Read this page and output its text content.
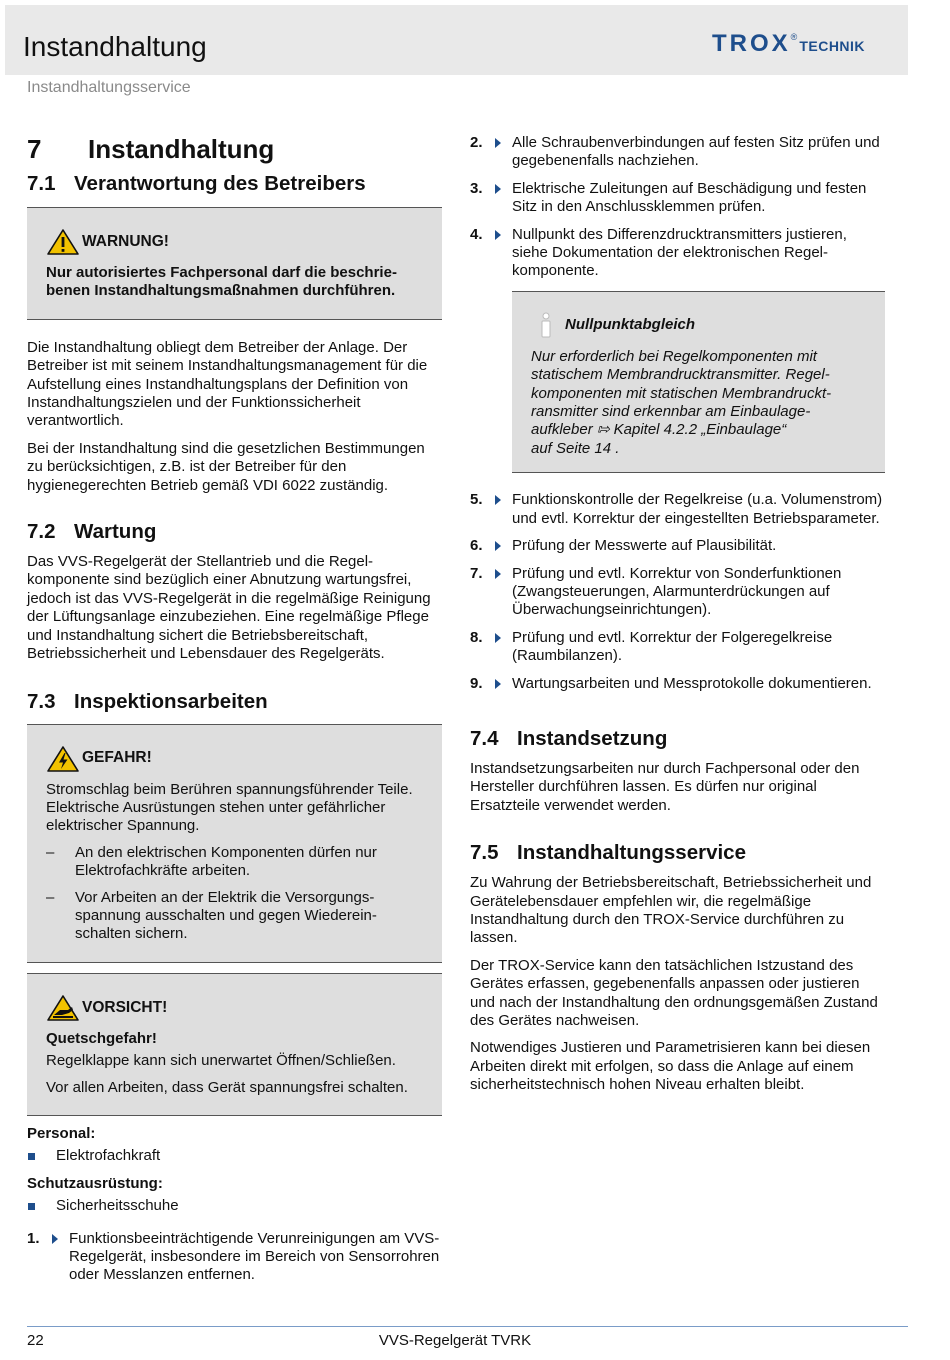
Instandhaltung
Instandhaltungsservice
TROX®TECHNIK
7 Instandhaltung
7.1 Verantwortung des Betreibers
WARNUNG!

Nur autorisiertes Fachpersonal darf die beschriebenen Instandhaltungsmaßnahmen durchführen.

Die Instandhaltung obliegt dem Betreiber der Anlage. Der Betreiber ist mit seinem Instandhaltungsmanagement für die Aufstellung eines Instandhaltungsplans der Definition von Instandhaltungszielen und der Funktionssicherheit verantwortlich.

Bei der Instandhaltung sind die gesetzlichen Bestimmungen zu berücksichtigen, z.B. ist der Betreiber für den hygienegerechten Betrieb gemäß VDI 6022 zuständig.

7.2 Wartung

Das VVS-Regelgerät der Stellantrieb und die Regelkomponente sind bezüglich einer Abnutzung wartungsfrei, jedoch ist das VVS-Regelgerät in die regelmäßige Reinigung der Lüftungsanlage einzubeziehen. Eine regelmäßige Pflege und Instandhaltung sichert die Betriebsbereitschaft, Betriebssicherheit und Lebensdauer des Regelgeräts.

7.3 Inspektionsarbeiten
GEFAHR!

Stromschlag beim Berühren spannungsführender Teile. Elektrische Ausrüstungen stehen unter gefährlicher elektrischer Spannung.

– An den elektrischen Komponenten dürfen nur Elektrofachkräfte arbeiten.
– Vor Arbeiten an der Elektrik die Versorgungsspannung ausschalten und gegen Wiedereinschalten sichern.
VORSICHT!

Quetschgefahr!

Regelklappe kann sich unerwartet Öffnen/Schließen.

Vor allen Arbeiten, dass Gerät spannungsfrei schalten.

Personal:
Elektrofachkraft
Schutzausrüstung:
Sicherheitsschuhe
1. Funktionsbeeinträchtigende Verunreinigungen am VVS-Regelgerät, insbesondere im Bereich von Sensorrohren oder Messlanzen entfernen.
2. Alle Schraubenverbindungen auf festen Sitz prüfen und gegebenenfalls nachziehen.
3. Elektrische Zuleitungen auf Beschädigung und festen Sitz in den Anschlussklemmen prüfen.
4. Nullpunkt des Differenzdrucktransmitters justieren, siehe Dokumentation der elektronischen Regelkomponente.
Nullpunktabgleich

Nur erforderlich bei Regelkomponenten mit statischem Membrandrucktransmitter. Regelkomponenten mit statischen Membrandrucktransmitter sind erkennbar am Einbaulageaufkleber ⇰ Kapitel 4.2.2 „Einbaulage“
auf Seite 14 .

5. Funktionskontrolle der Regelkreise (u.a. Volumenstrom) und evtl. Korrektur der eingestellten Betriebsparameter.
6. Prüfung der Messwerte auf Plausibilität.
7. Prüfung und evtl. Korrektur von Sonderfunktionen (Zwangsteuerungen, Alarmunterdrückungen auf Überwachungseinrichtungen).
8. Prüfung und evtl. Korrektur der Folgeregelkreise (Raumbilanzen).
9. Wartungsarbeiten und Messprotokolle dokumentieren.
7.4 Instandsetzung

Instandsetzungsarbeiten nur durch Fachpersonal oder den Hersteller durchführen lassen. Es dürfen nur original Ersatzteile verwendet werden.

7.5 Instandhaltungsservice

Zu Wahrung der Betriebsbereitschaft, Betriebssicherheit und Gerätelebensdauer empfehlen wir, die regelmäßige Instandhaltung durch den TROX-Service durchführen zu lassen.

Der TROX-Service kann den tatsächlichen Istzustand des Gerätes erfassen, gegebenenfalls anpassen oder justieren und nach der Instandhaltung den ordnungsgemäßen Zustand des Gerätes nachweisen.

Notwendiges Justieren und Parametrisieren kann bei diesen Arbeiten direkt mit erfolgen, so dass die Anlage auf einem sicherheitstechnisch hohen Niveau erhalten bleibt.

22	VVS-Regelgerät TVRK
